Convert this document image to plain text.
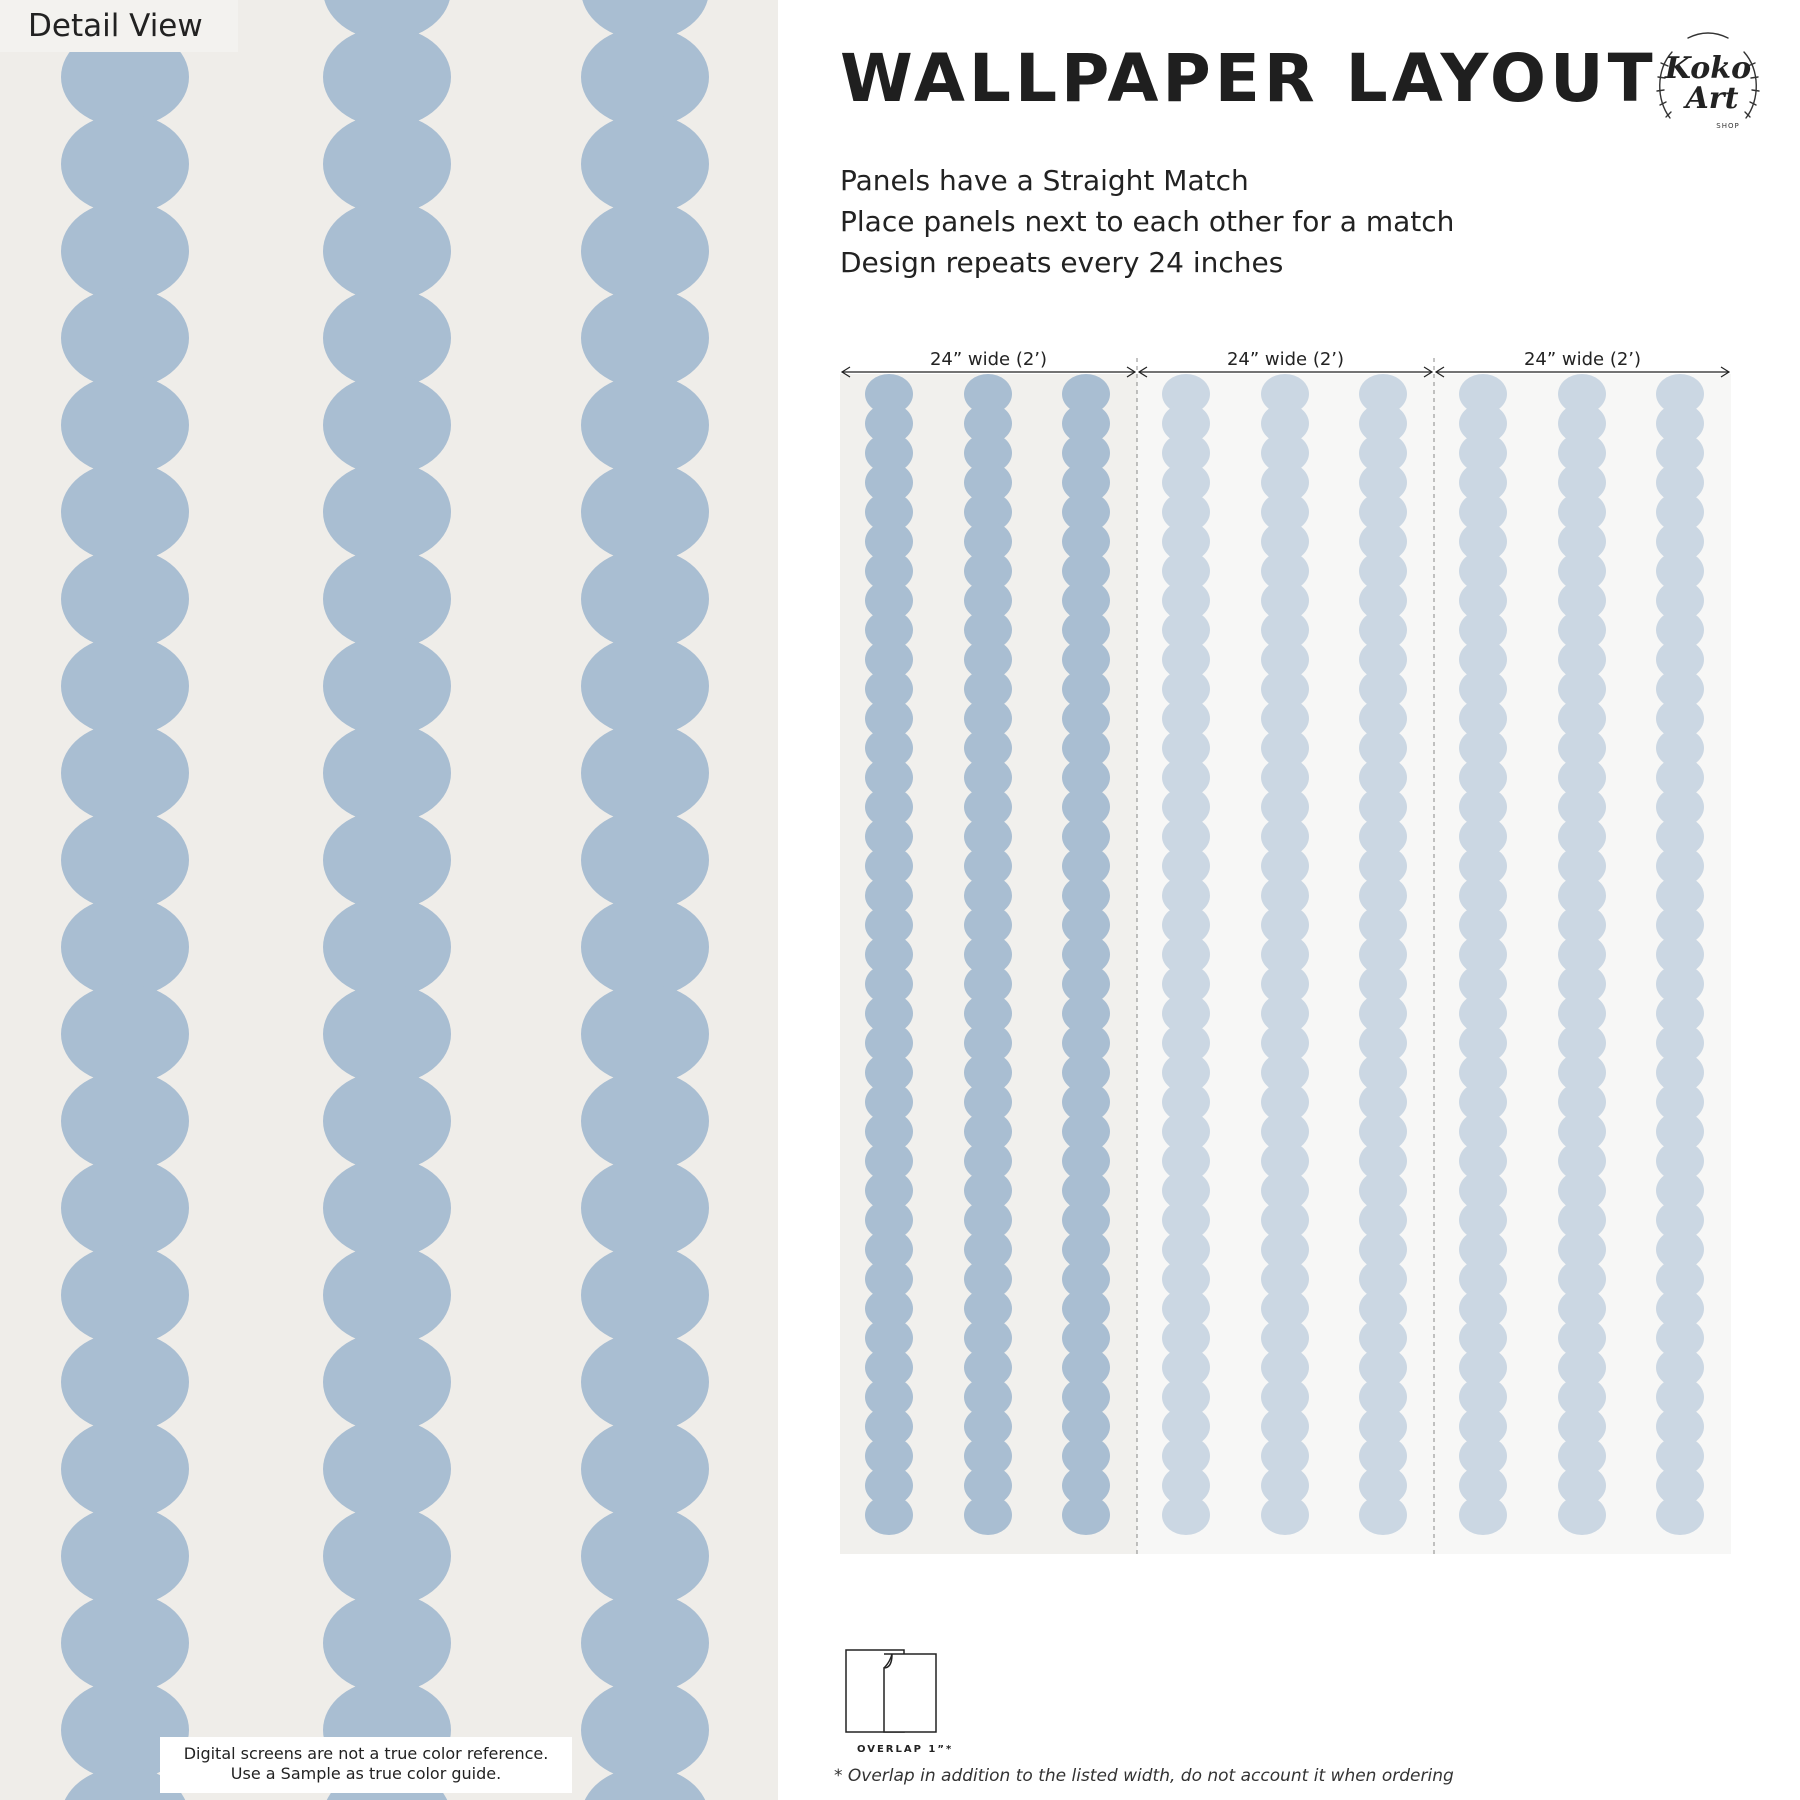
Detail View
Digital screens are not a true color reference.
Use a Sample as true color guide.
WALLPAPER LAYOUT Koko
Art
SHOP
Panels have a Straight Match
Place panels next to each other for a match
Design repeats every 24 inches
24” wide (2’)	24” wide (2’)	24” wide (2’)
OVERLAP 1”*
* Overlap in addition to the listed width, do not account it when ordering
